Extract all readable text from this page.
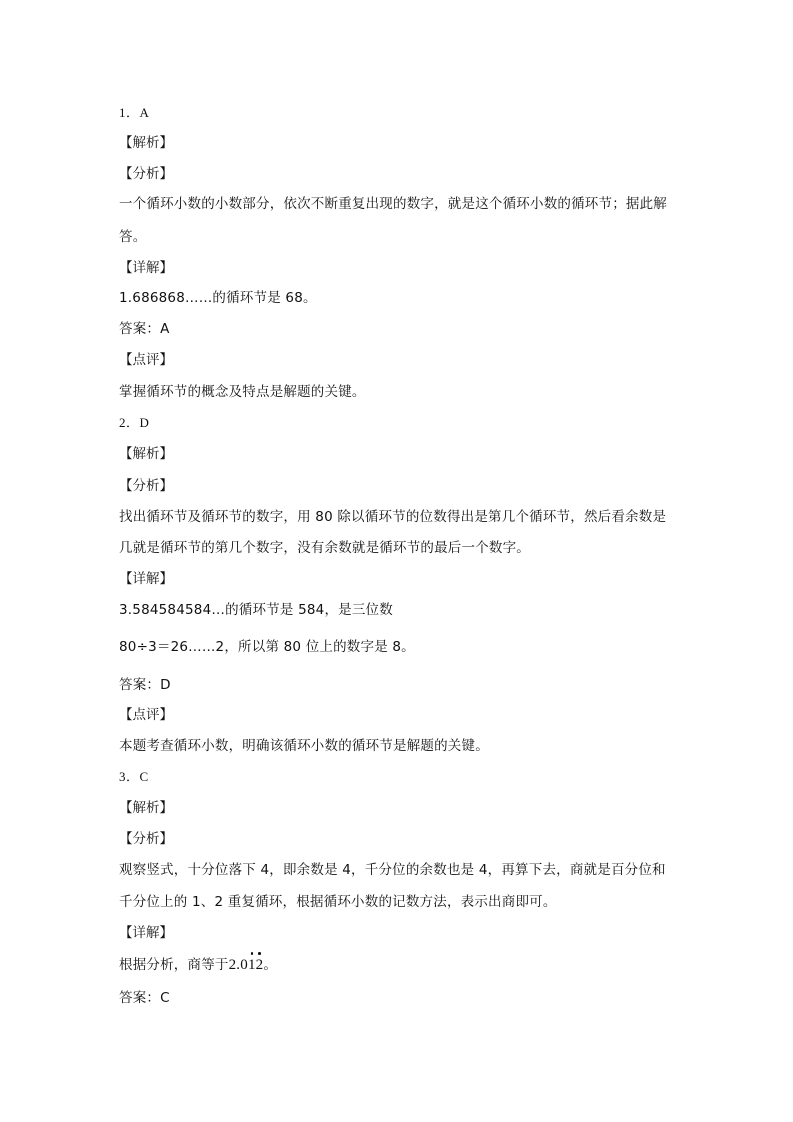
1．A
【解析】
【分析】
一个循环小数的小数部分，依次不断重复出现的数字，就是这个循环小数的循环节；据此解
答。
【详解】
1.686868……的循环节是 68。
答案：A
【点评】
掌握循环节的概念及特点是解题的关键。
2．D
【解析】
【分析】
找出循环节及循环节的数字，用 80 除以循环节的位数得出是第几个循环节，然后看余数是
几就是循环节的第几个数字，没有余数就是循环节的最后一个数字。
【详解】
3.584584584…的循环节是 584，是三位数
80÷3＝26……2，所以第 80 位上的数字是 8。
答案：D
【点评】
本题考查循环小数，明确该循环小数的循环节是解题的关键。
3．C
【解析】
【分析】
观察竖式，十分位落下 4，即余数是 4，千分位的余数也是 4，再算下去，商就是百分位和
千分位上的 1、2 重复循环，根据循环小数的记数方法，表示出商即可。
【详解】
根据分析，商等于2.012。
答案：C
